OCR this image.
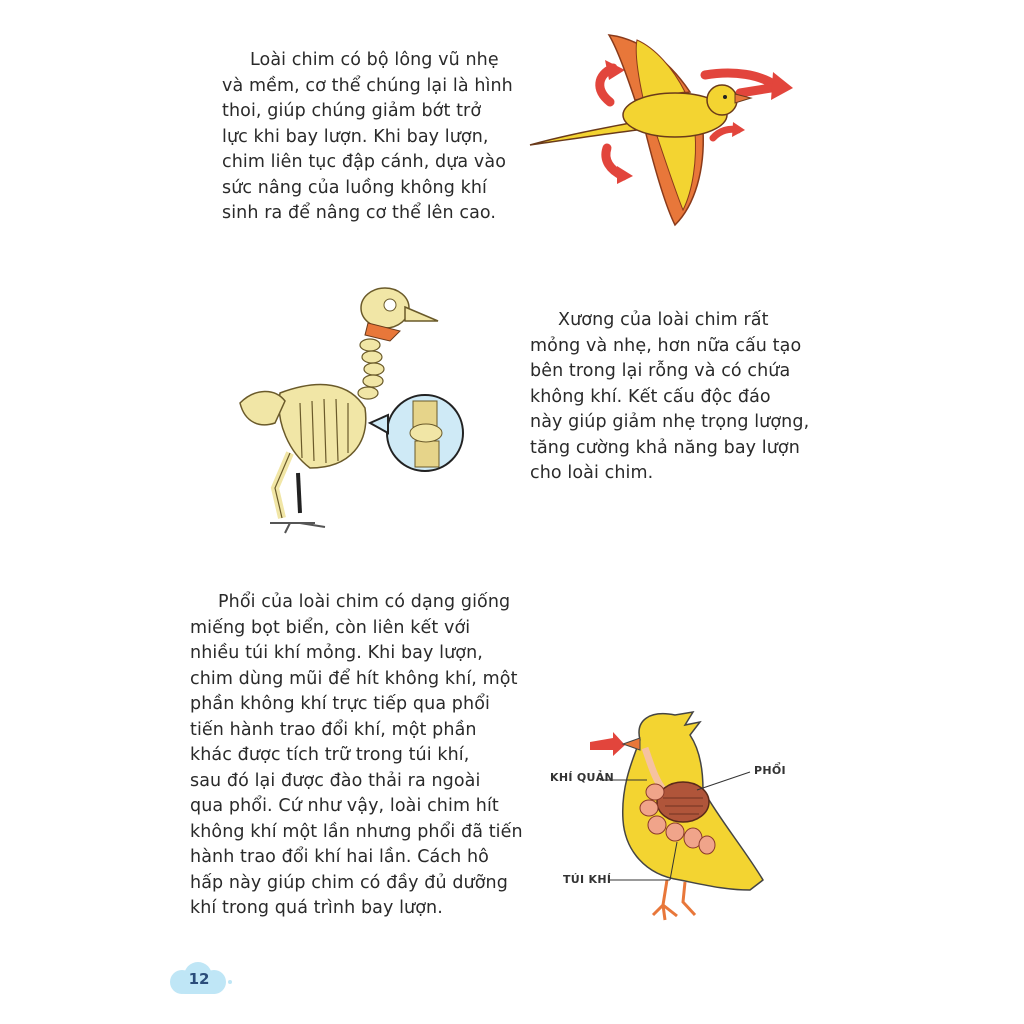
Loài chim có bộ lông vũ nhẹ
và mềm, cơ thể chúng lại là hình
thoi, giúp chúng giảm bớt trở
lực khi bay lượn. Khi bay lượn,
chim liên tục đập cánh, dựa vào
sức nâng của luồng không khí
sinh ra để nâng cơ thể lên cao.

Xương của loài chim rất
mỏng và nhẹ, hơn nữa cấu tạo
bên trong lại rỗng và có chứa
không khí. Kết cấu độc đáo
này giúp giảm nhẹ trọng lượng,
tăng cường khả năng bay lượn
cho loài chim.

Phổi của loài chim có dạng giống
miếng bọt biển, còn liên kết với
nhiều túi khí mỏng. Khi bay lượn,
chim dùng mũi để hít không khí, một
phần không khí trực tiếp qua phổi
tiến hành trao đổi khí, một phần
khác được tích trữ trong túi khí,
sau đó lại được đào thải ra ngoài
qua phổi. Cứ như vậy, loài chim hít
không khí một lần nhưng phổi đã tiến
hành trao đổi khí hai lần. Cách hô
hấp này giúp chim có đầy đủ dưỡng
khí trong quá trình bay lượn.

KHÍ QUẢN
PHỔI
TÚI KHÍ
12
